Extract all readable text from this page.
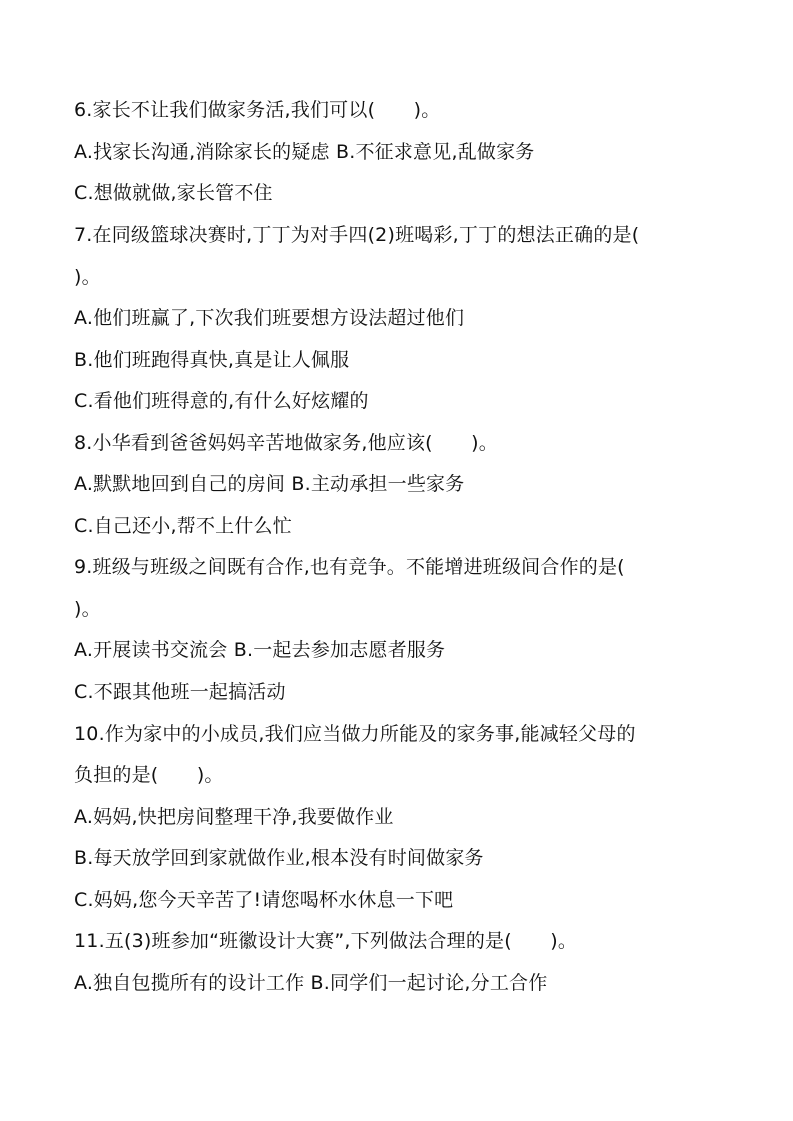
6.家长不让我们做家务活,我们可以(　　)。
A.找家长沟通,消除家长的疑虑 B.不征求意见,乱做家务
C.想做就做,家长管不住
7.在同级篮球决赛时,丁丁为对手四(2)班喝彩,丁丁的想法正确的是(
)。
A.他们班赢了,下次我们班要想方设法超过他们
B.他们班跑得真快,真是让人佩服
C.看他们班得意的,有什么好炫耀的
8.小华看到爸爸妈妈辛苦地做家务,他应该(　　)。
A.默默地回到自己的房间 B.主动承担一些家务
C.自己还小,帮不上什么忙
9.班级与班级之间既有合作,也有竞争。不能增进班级间合作的是(
)。
A.开展读书交流会 B.一起去参加志愿者服务
C.不跟其他班一起搞活动
10.作为家中的小成员,我们应当做力所能及的家务事,能减轻父母的
负担的是(　　)。
A.妈妈,快把房间整理干净,我要做作业
B.每天放学回到家就做作业,根本没有时间做家务
C.妈妈,您今天辛苦了!请您喝杯水休息一下吧
11.五(3)班参加“班徽设计大赛”,下列做法合理的是(　　)。
A.独自包揽所有的设计工作 B.同学们一起讨论,分工合作
